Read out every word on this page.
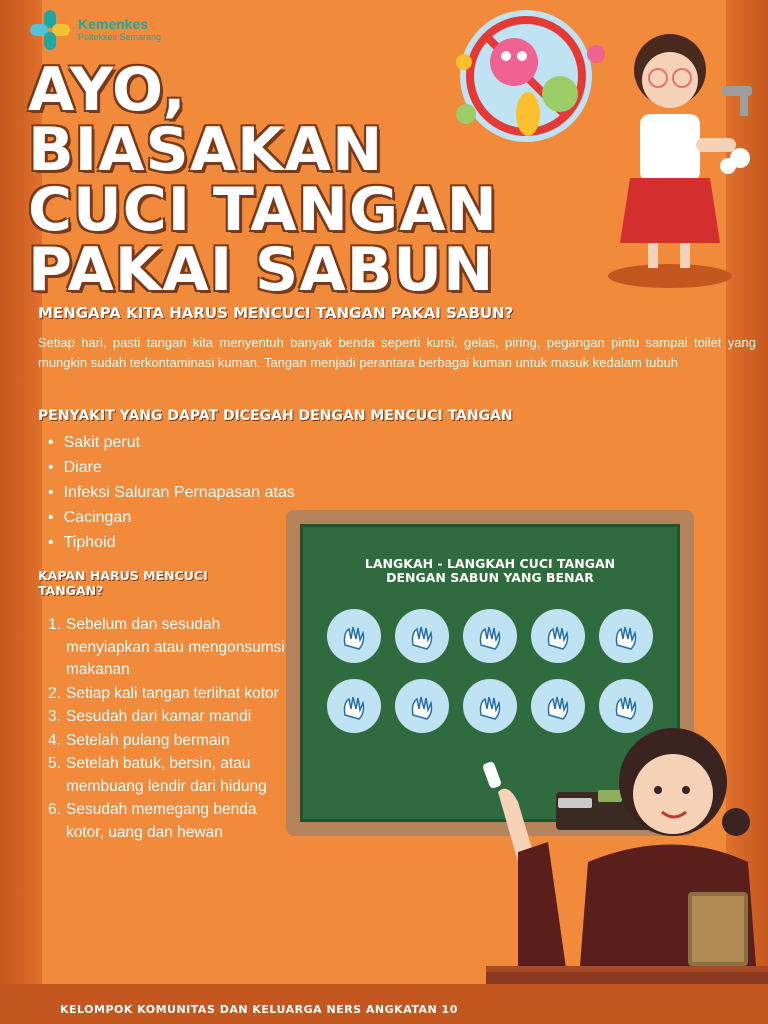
Kemenkes
Poltekkes Semarang
AYO,
BIASAKAN
CUCI TANGAN
PAKAI SABUN
MENGAPA KITA HARUS MENCUCI TANGAN PAKAI SABUN?

Setiap hari, pasti tangan kita menyentuh banyak benda seperti kursi, gelas, piring, pegangan pintu sampai toilet yang mungkin sudah terkontaminasi kuman. Tangan menjadi perantara berbagai kuman untuk masuk kedalam tubuh

PENYAKIT YANG DAPAT DICEGAH DENGAN MENCUCI TANGAN
• Sakit perut
• Diare
• Infeksi Saluran Pernapasan atas
• Cacingan
• Tiphoid
KAPAN HARUS MENCUCI TANGAN?
1. Sebelum dan sesudah menyiapkan atau mengonsumsi makanan
2. Setiap kali tangan terlihat kotor
3. Sesudah dari kamar mandi
4. Setelah pulang bermain
5. Setelah batuk, bersin, atau membuang lendir dari hidung
6. Sesudah memegang benda kotor, uang dan hewan
LANGKAH - LANGKAH CUCI TANGAN
DENGAN SABUN YANG BENAR
KELOMPOK KOMUNITAS DAN KELUARGA NERS ANGKATAN 10
